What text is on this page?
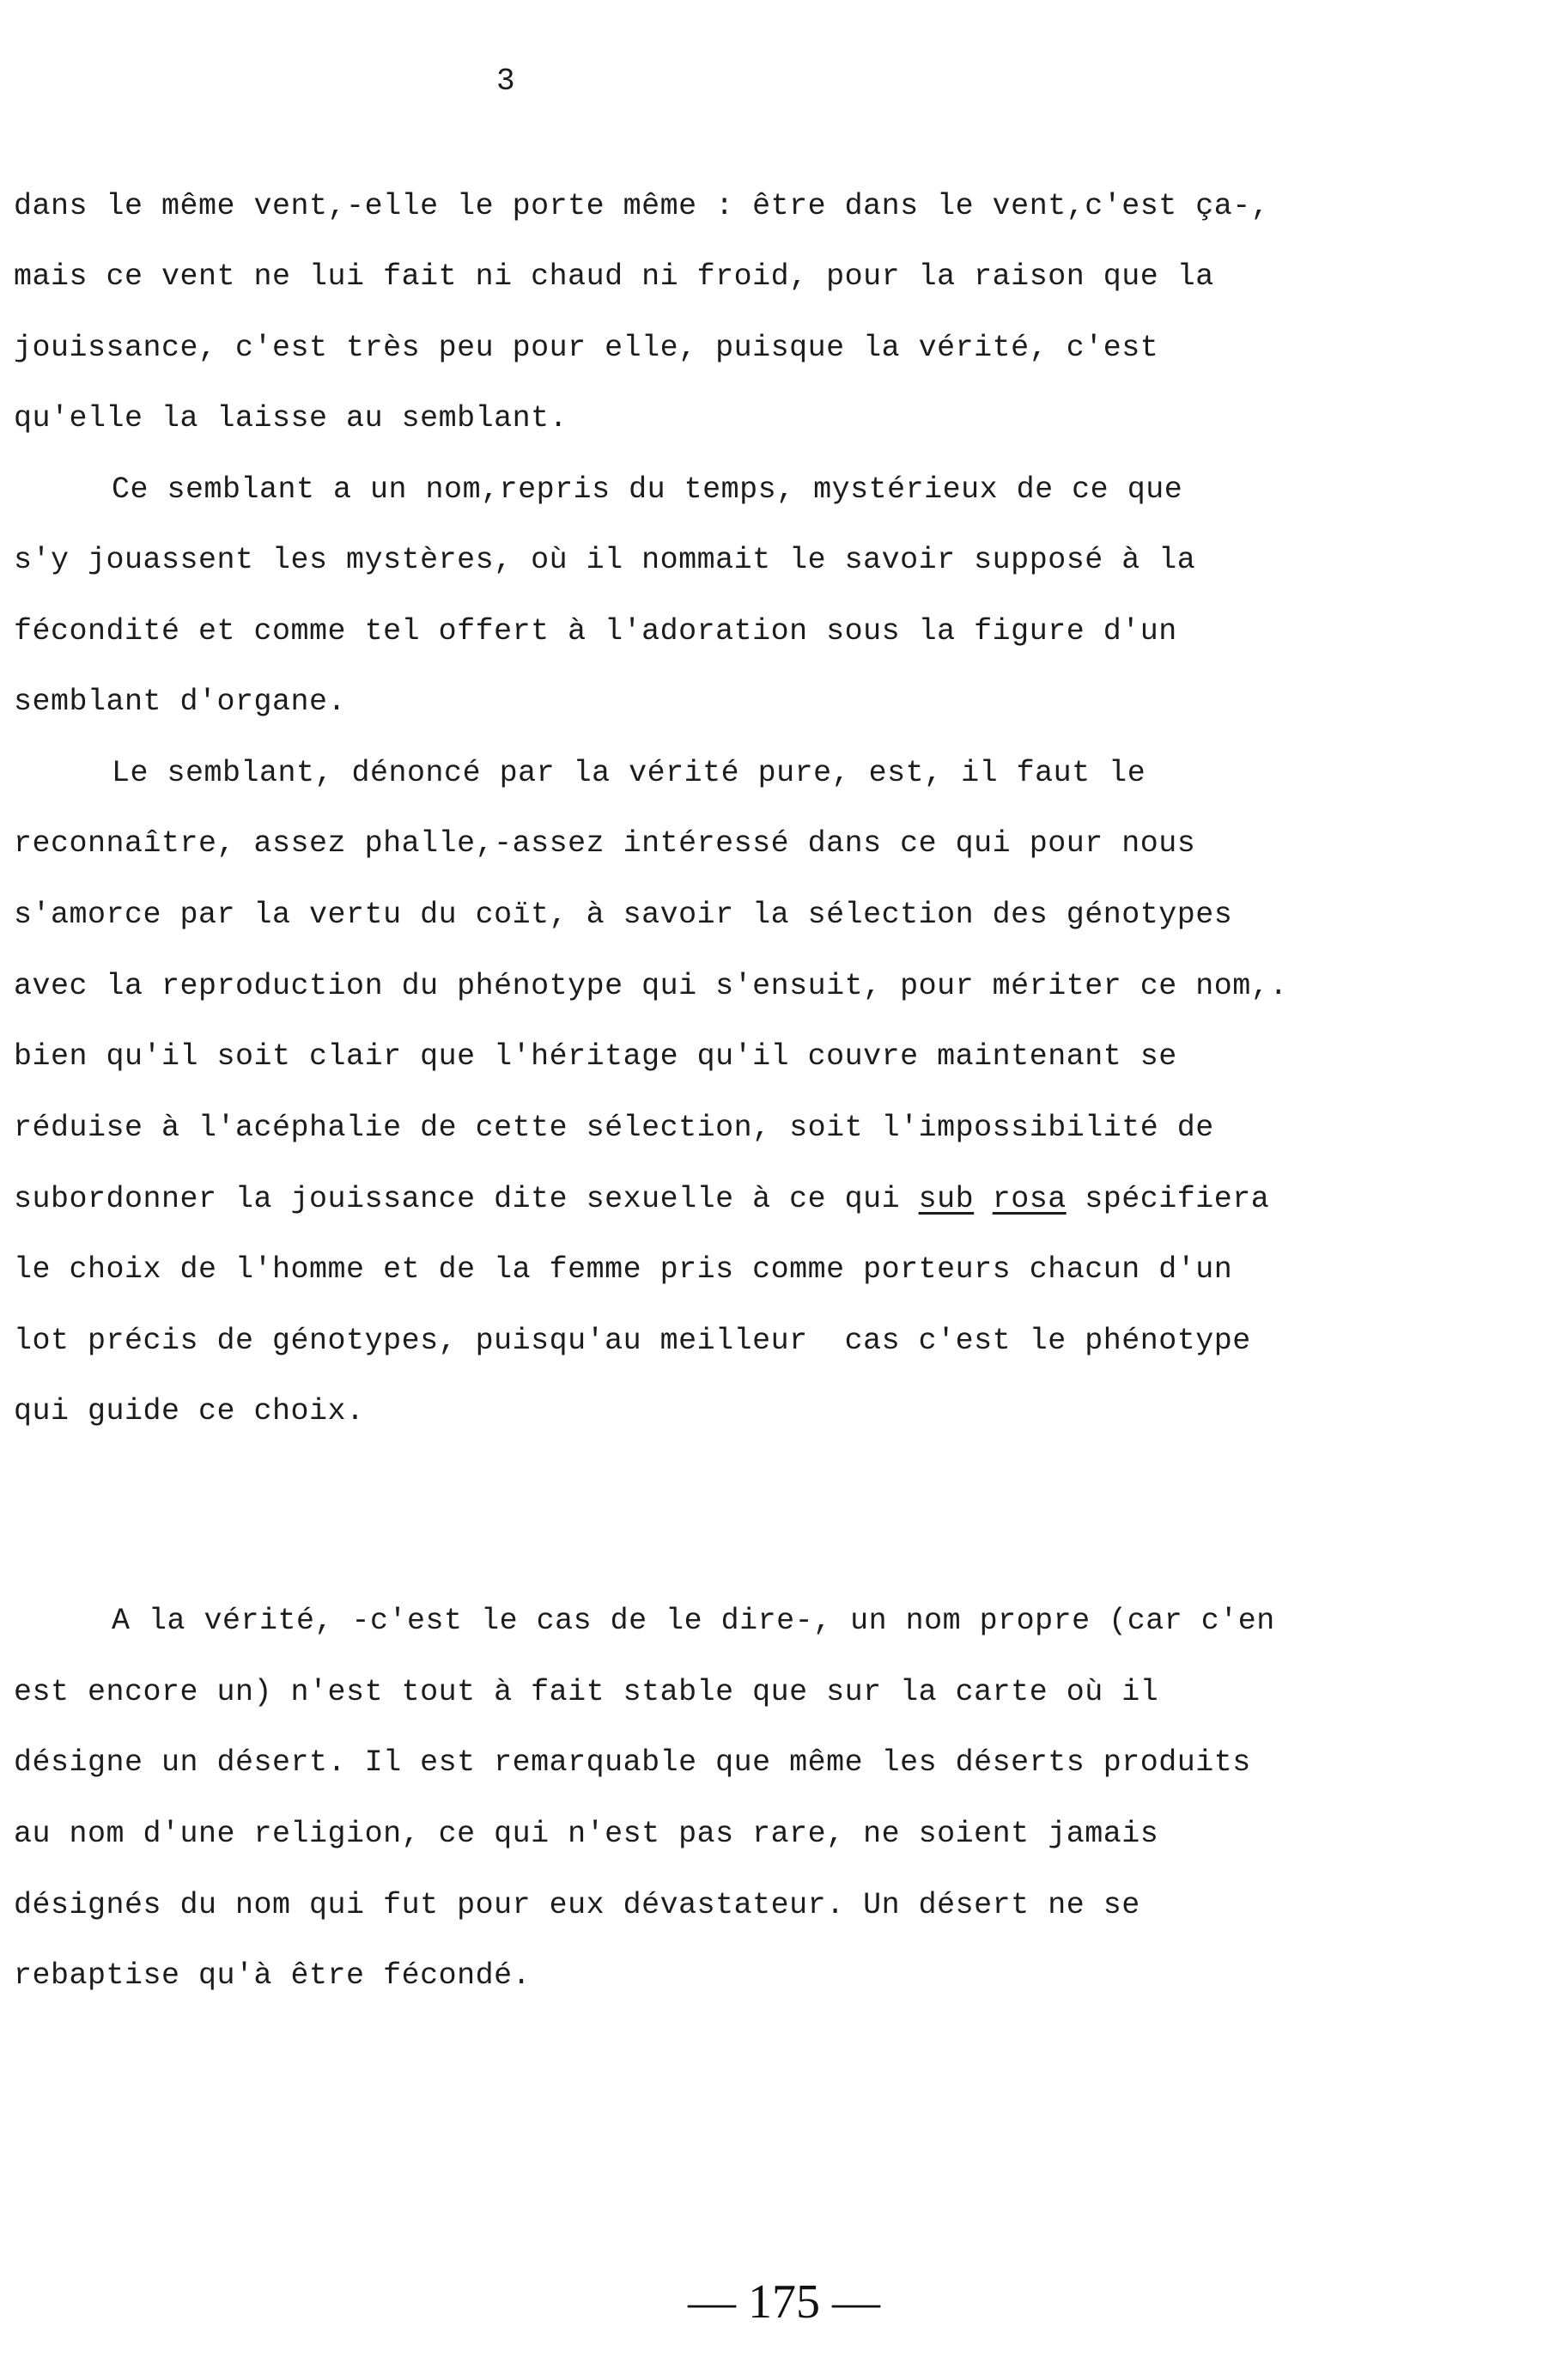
3
dans le même vent,-elle le porte même : être dans le vent,c'est ça-,
mais ce vent ne lui fait ni chaud ni froid, pour la raison que la
jouissance, c'est très peu pour elle, puisque la vérité, c'est
qu'elle la laisse au semblant.
Ce semblant a un nom,repris du temps, mystérieux de ce que
s'y jouassent les mystères, où il nommait le savoir supposé à la
fécondité et comme tel offert à l'adoration sous la figure d'un
semblant d'organe.
Le semblant, dénoncé par la vérité pure, est, il faut le
reconnaître, assez phalle,-assez intéressé dans ce qui pour nous
s'amorce par la vertu du coït, à savoir la sélection des génotypes
avec la reproduction du phénotype qui s'ensuit, pour mériter ce nom,.
bien qu'il soit clair que l'héritage qu'il couvre maintenant se
réduise à l'acéphalie de cette sélection, soit l'impossibilité de
subordonner la jouissance dite sexuelle à ce qui sub rosa spécifiera
le choix de l'homme et de la femme pris comme porteurs chacun d'un
lot précis de génotypes, puisqu'au meilleur  cas c'est le phénotype
qui guide ce choix.
A la vérité, -c'est le cas de le dire-, un nom propre (car c'en
est encore un) n'est tout à fait stable que sur la carte où il
désigne un désert. Il est remarquable que même les déserts produits
au nom d'une religion, ce qui n'est pas rare, ne soient jamais
désignés du nom qui fut pour eux dévastateur. Un désert ne se
rebaptise qu'à être fécondé.
— 175 —
